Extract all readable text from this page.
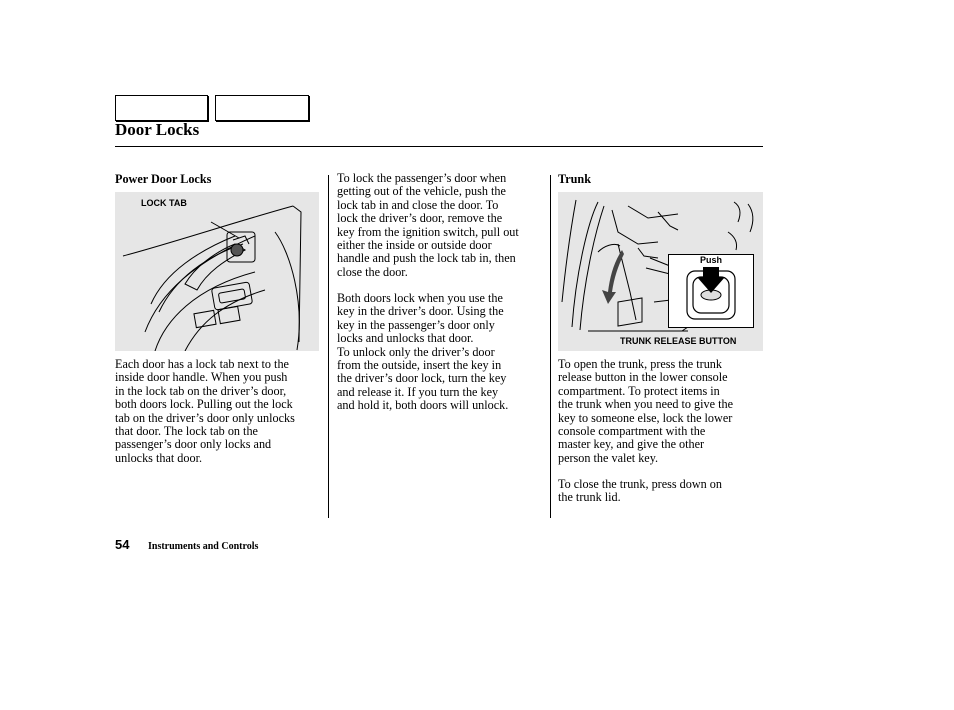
Door Locks
Power Door Locks
LOCK TAB
Each door has a lock tab next to the
inside door handle. When you push
in the lock tab on the driver’s door,
both doors lock. Pulling out the lock
tab on the driver’s door only unlocks
that door. The lock tab on the
passenger’s door only locks and
unlocks that door.
To lock the passenger’s door when
getting out of the vehicle, push the
lock tab in and close the door. To
lock the driver’s door, remove the
key from the ignition switch, pull out
either the inside or outside door
handle and push the lock tab in, then
close the door.
Both doors lock when you use the
key in the driver’s door. Using the
key in the passenger’s door only
locks and unlocks that door.
To unlock only the driver’s door
from the outside, insert the key in
the driver’s door lock, turn the key
and release it. If you turn the key
and hold it, both doors will unlock.
Trunk
Push
TRUNK RELEASE BUTTON
To open the trunk, press the trunk
release button in the lower console
compartment. To protect items in
the trunk when you need to give the
key to someone else, lock the lower
console compartment with the
master key, and give the other
person the valet key.
To close the trunk, press down on
the trunk lid.
54 Instruments and Controls
